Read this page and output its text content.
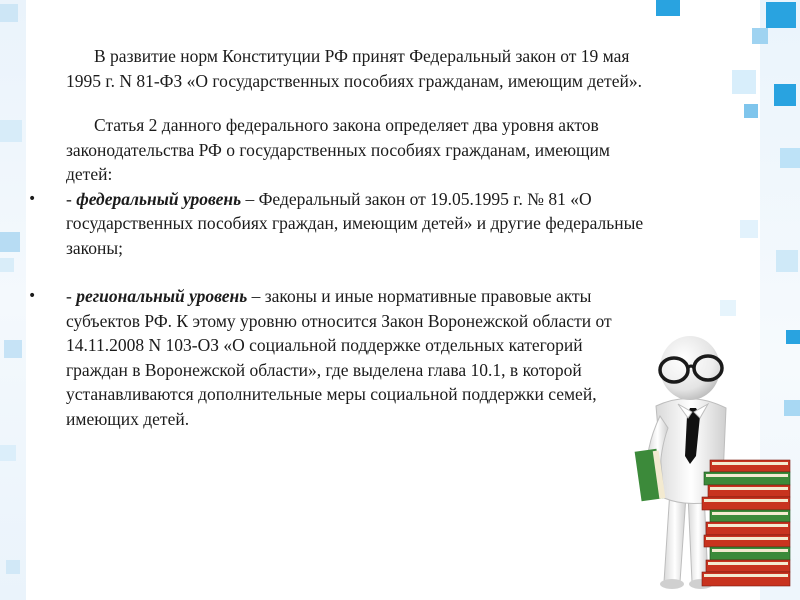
В развитие норм Конституции РФ принят Федеральный закон от 19 мая 1995 г. N 81-ФЗ «О государственных пособиях гражданам, имеющим детей».

Статья 2 данного федерального закона определяет два уровня актов законодательства РФ о государственных пособиях гражданам, имеющим детей:

• - федеральный уровень – Федеральный закон от 19.05.1995 г. № 81 «О государственных пособиях граждан, имеющим детей» и другие федеральные законы;
• - региональный уровень – законы и иные нормативные правовые акты субъектов РФ. К этому уровню относится Закон Воронежской области от 14.11.2008 N 103-ОЗ «О социальной поддержке отдельных категорий граждан в Воронежской области», где выделена глава 10.1, в которой устанавливаются дополнительные меры социальной поддержки семей, имеющих детей.
